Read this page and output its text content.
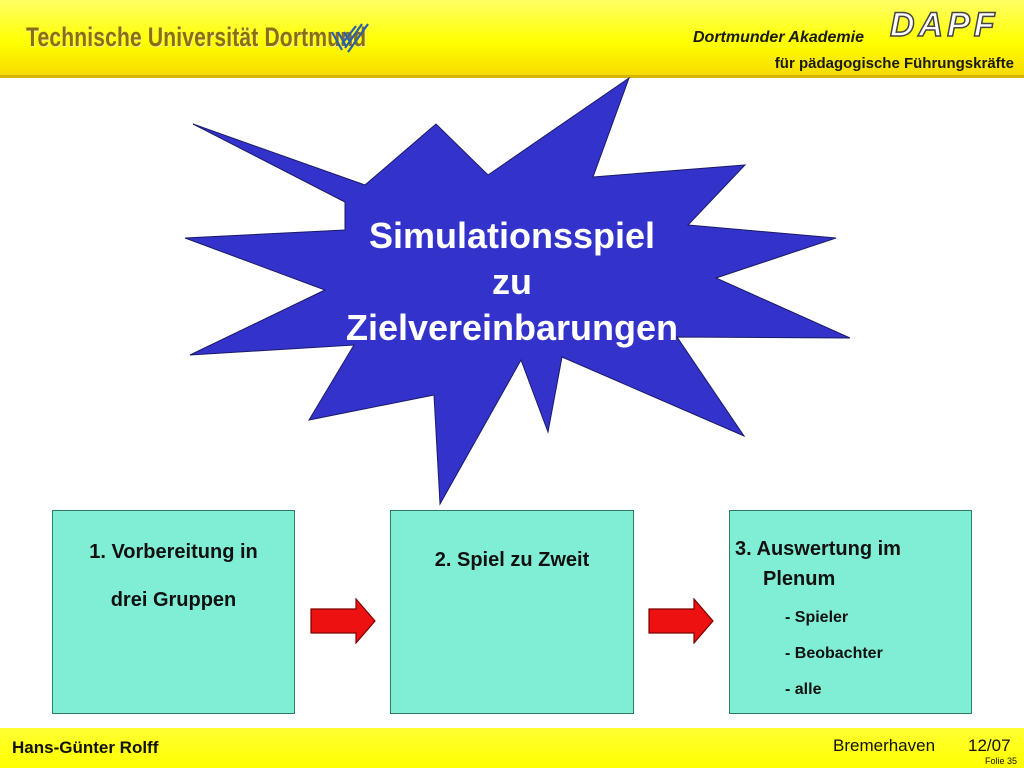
Technische Universität Dortmund	Dortmunder Akademie DAPF
für pädagogische Führungskräfte
Simulationsspiel
zu
Zielvereinbarungen
1. Vorbereitung in
drei Gruppen
2. Spiel zu Zweit	3. Auswertung im
Plenum
- Spieler
- Beobachter
- alle
Hans-Günter Rolff	Bremerhaven 12/07
Folie 35
